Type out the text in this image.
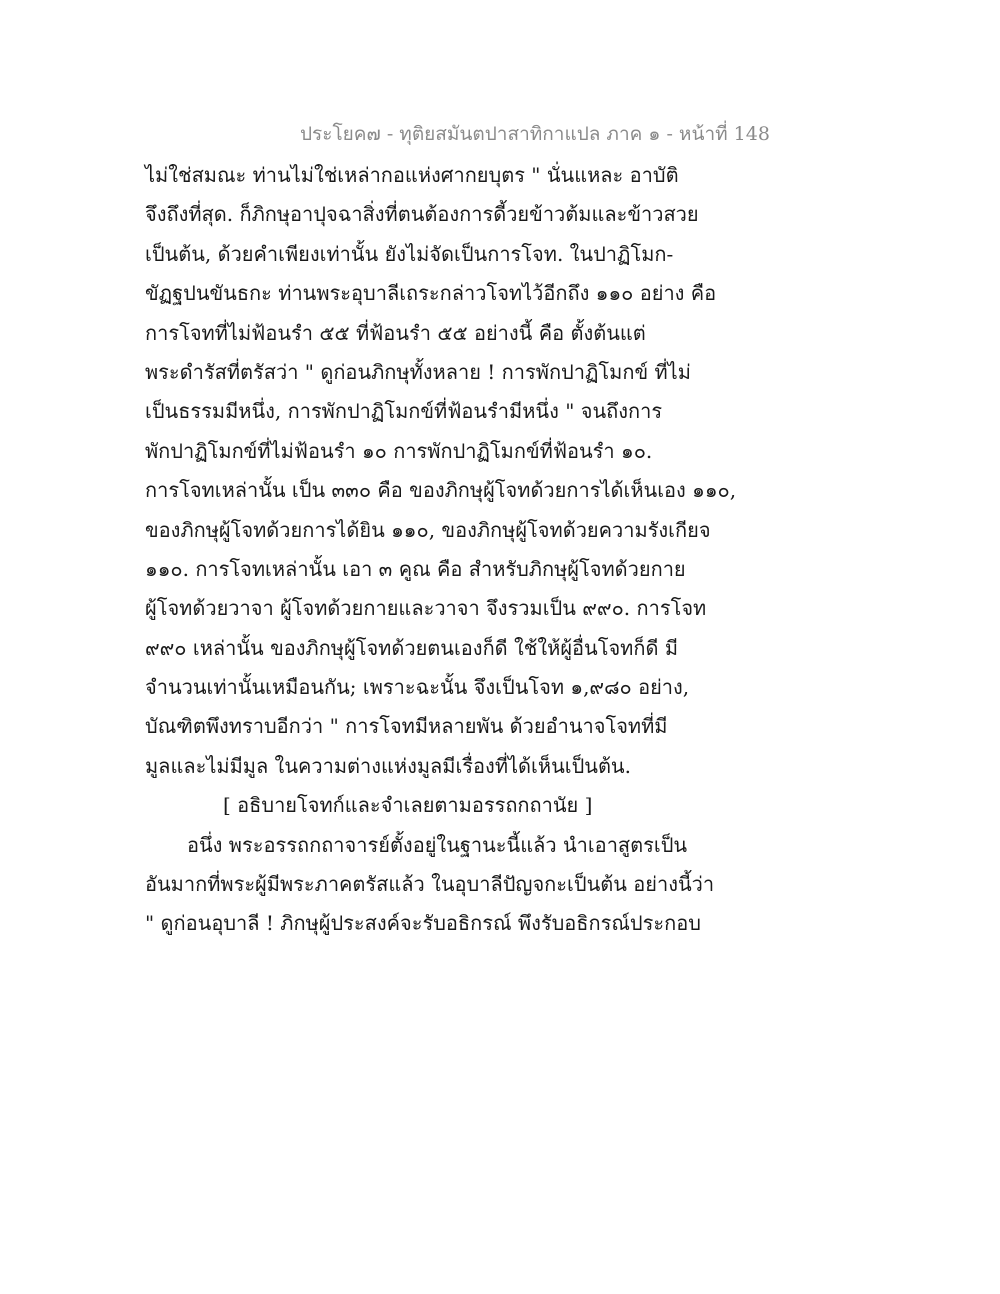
ประโยค๗ - ทุติยสมันตปาสาทิกาแปล ภาค ๑ - หน้าที่ 148
ไม่ใช่สมณะ ท่านไม่ใช่เหล่ากอแห่งศากยบุตร " นั่นแหละ อาบัติ
จึงถึงที่สุด. ก็ภิกษุอาปุจฉาสิ่งที่ตนต้องการดี้วยข้าวต้มและข้าวสวย
เป็นต้น, ด้วยคำเพียงเท่านั้น ยังไม่จัดเป็นการโจท. ในปาฏิโมก-
ขัฏฐปนขันธกะ ท่านพระอุบาลีเถระกล่าวโจทไว้อีกถึง ๑๑๐ อย่าง คือ
การโจทที่ไม่ฟ้อนรำ ๕๕ ที่ฟ้อนรำ ๕๕ อย่างนี้ คือ ตั้งต้นแต่
พระดำรัสที่ตรัสว่า " ดูก่อนภิกษุทั้งหลาย ! การพักปาฏิโมกข์ ที่ไม่
เป็นธรรมมีหนึ่ง, การพักปาฏิโมกข์ที่ฟ้อนรำมีหนึ่ง " จนถึงการ
พักปาฏิโมกข์ที่ไม่ฟ้อนรำ ๑๐ การพักปาฏิโมกข์ที่ฟ้อนรำ ๑๐.
การโจทเหล่านั้น เป็น ๓๓๐ คือ ของภิกษุผู้โจทด้วยการได้เห็นเอง ๑๑๐,
ของภิกษุผู้โจทด้วยการได้ยิน ๑๑๐, ของภิกษุผู้โจทด้วยความรังเกียจ
๑๑๐. การโจทเหล่านั้น เอา ๓ คูณ คือ สำหรับภิกษุผู้โจทด้วยกาย
ผู้โจทด้วยวาจา ผู้โจทด้วยกายและวาจา จึงรวมเป็น ๙๙๐. การโจท
๙๙๐ เหล่านั้น ของภิกษุผู้โจทด้วยตนเองก็ดี ใช้ให้ผู้อื่นโจทก็ดี มี
จำนวนเท่านั้นเหมือนกัน; เพราะฉะนั้น จึงเป็นโจท ๑,๙๘๐ อย่าง,
บัณฑิตพึงทราบอีกว่า " การโจทมีหลายพัน ด้วยอำนาจโจทที่มี
มูลและไม่มีมูล ในความต่างแห่งมูลมีเรื่องที่ได้เห็นเป็นต้น.
[ อธิบายโจทก์และจำเลยตามอรรถกถานัย ]
อนึ่ง พระอรรถกถาจารย์ตั้งอยู่ในฐานะนี้แล้ว นำเอาสูตรเป็น
อันมากที่พระผู้มีพระภาคตรัสแล้ว ในอุบาลีปัญจกะเป็นต้น อย่างนี้ว่า
" ดูก่อนอุบาลี ! ภิกษุผู้ประสงค์จะรับอธิกรณ์ พึงรับอธิกรณ์ประกอบ
